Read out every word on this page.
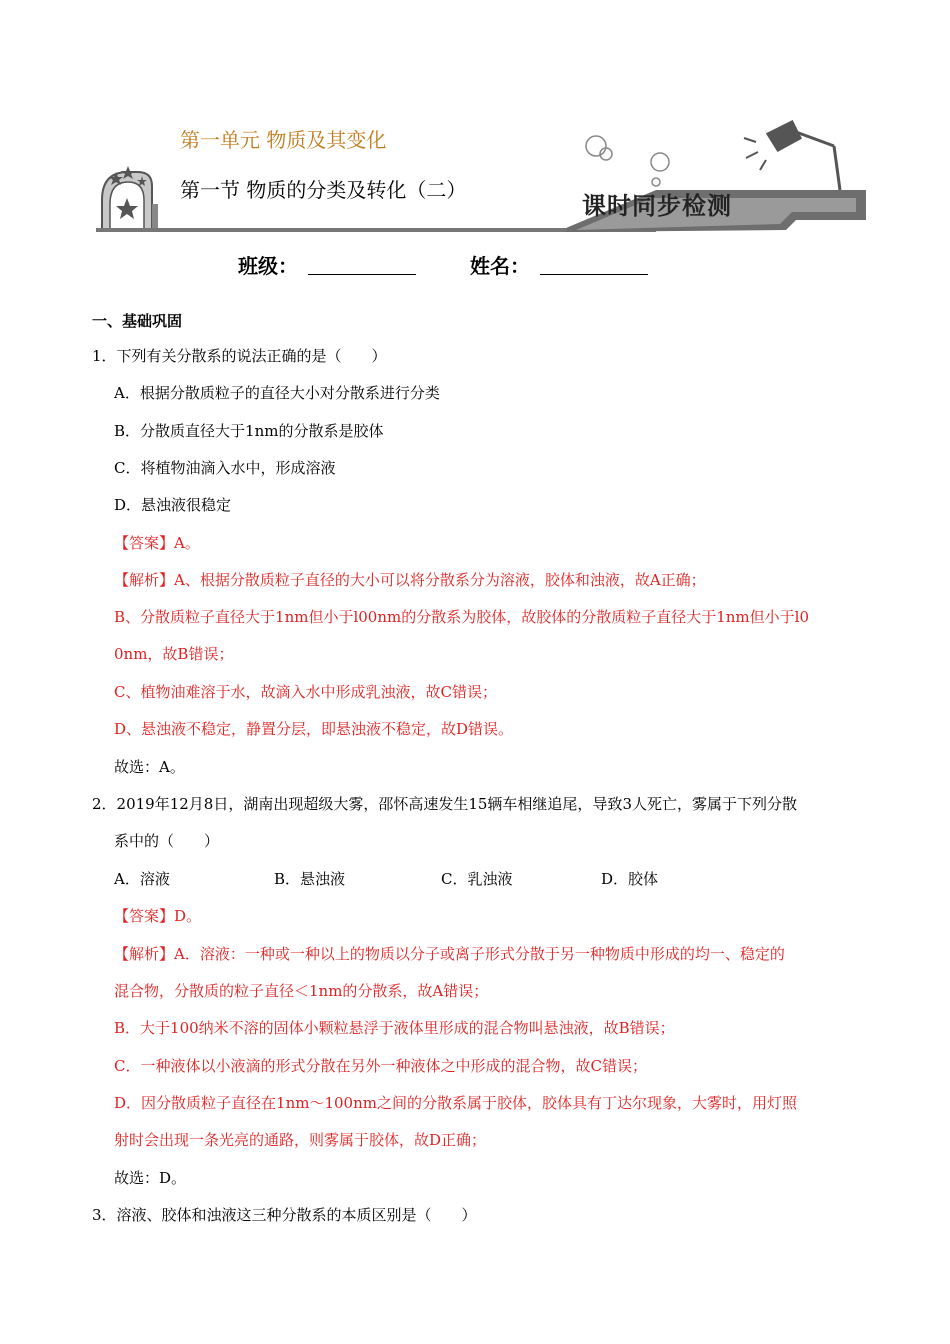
第一单元 物质及其变化
第一节 物质的分类及转化（二）
课时同步检测
班级：	姓名：
一、基础巩固
1．下列有关分散系的说法正确的是（　　）
A．根据分散质粒子的直径大小对分散系进行分类
B．分散质直径大于1nm的分散系是胶体
C．将植物油滴入水中，形成溶液
D．悬浊液很稳定
【答案】A。
【解析】A、根据分散质粒子直径的大小可以将分散系分为溶液，胶体和浊液，故A正确；
B、分散质粒子直径大于1nm但小于l00nm的分散系为胶体，故胶体的分散质粒子直径大于1nm但小于l0
0nm，故B错误；
C、植物油难溶于水，故滴入水中形成乳浊液，故C错误；
D、悬浊液不稳定，静置分层，即悬浊液不稳定，故D错误。
故选：A。
2．2019年12月8日，湖南出现超级大雾，邵怀高速发生15辆车相继追尾，导致3人死亡，雾属于下列分散
系中的（　　）
A．溶液	B．悬浊液	C．乳浊液	D．胶体
【答案】D。
【解析】A．溶液：一种或一种以上的物质以分子或离子形式分散于另一种物质中形成的均一、稳定的
混合物，分散质的粒子直径＜1nm的分散系，故A错误；
B．大于100纳米不溶的固体小颗粒悬浮于液体里形成的混合物叫悬浊液，故B错误；
C．一种液体以小液滴的形式分散在另外一种液体之中形成的混合物，故C错误；
D．因分散质粒子直径在1nm～100nm之间的分散系属于胶体，胶体具有丁达尔现象，大雾时，用灯照
射时会出现一条光亮的通路，则雾属于胶体，故D正确；
故选：D。
3．溶液、胶体和浊液这三种分散系的本质区别是（　　）
